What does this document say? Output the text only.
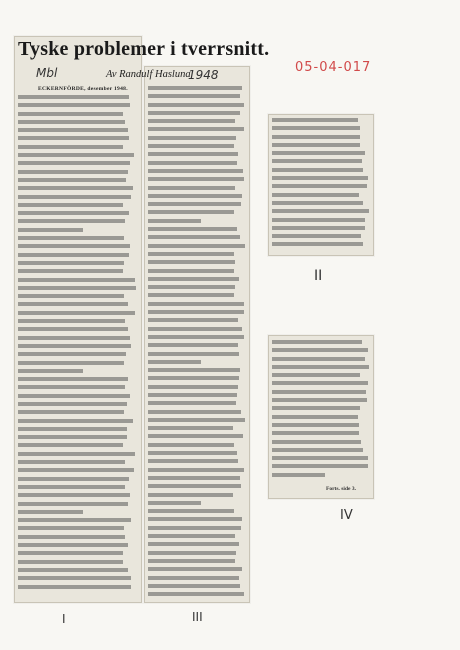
Tyske problemer i tverrsnitt.
Av Randulf Hasluna
ECKERNFÖRDE, desember 1948.
Mbl	1948	05-04-017
Forts. side 3.
I
II
III
IV
